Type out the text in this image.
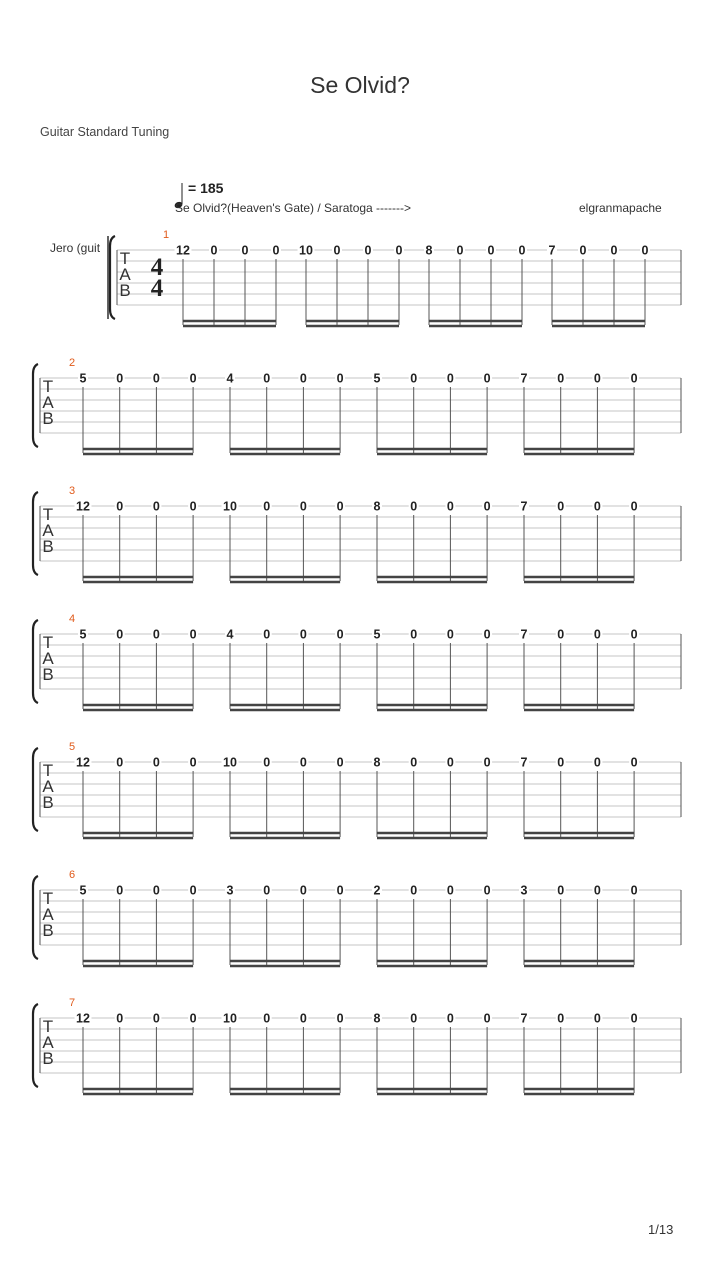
Se Olvid?
Guitar Standard Tuning
= 185
Se Olvid?(Heaven's Gate) / Saratoga ------->	elgranmapache
Jero (guit
T
A
B
4
4
1
12 0 0 0 10 0 0 0 8 0 0 0 7 0 0 0
T
A
B
2
5 0 0 0 4 0 0 0 5 0 0 0 7 0 0 0
T
A
B
3
12 0 0 0 10 0 0 0 8 0 0 0 7 0 0 0
T
A
B
4
5 0 0 0 4 0 0 0 5 0 0 0 7 0 0 0
T
A
B
5
12 0 0 0 10 0 0 0 8 0 0 0 7 0 0 0
T
A
B
6
5 0 0 0 3 0 0 0 2 0 0 0 3 0 0 0
T
A
B
7
12 0 0 0 10 0 0 0 8 0 0 0 7 0 0 0
1/13
